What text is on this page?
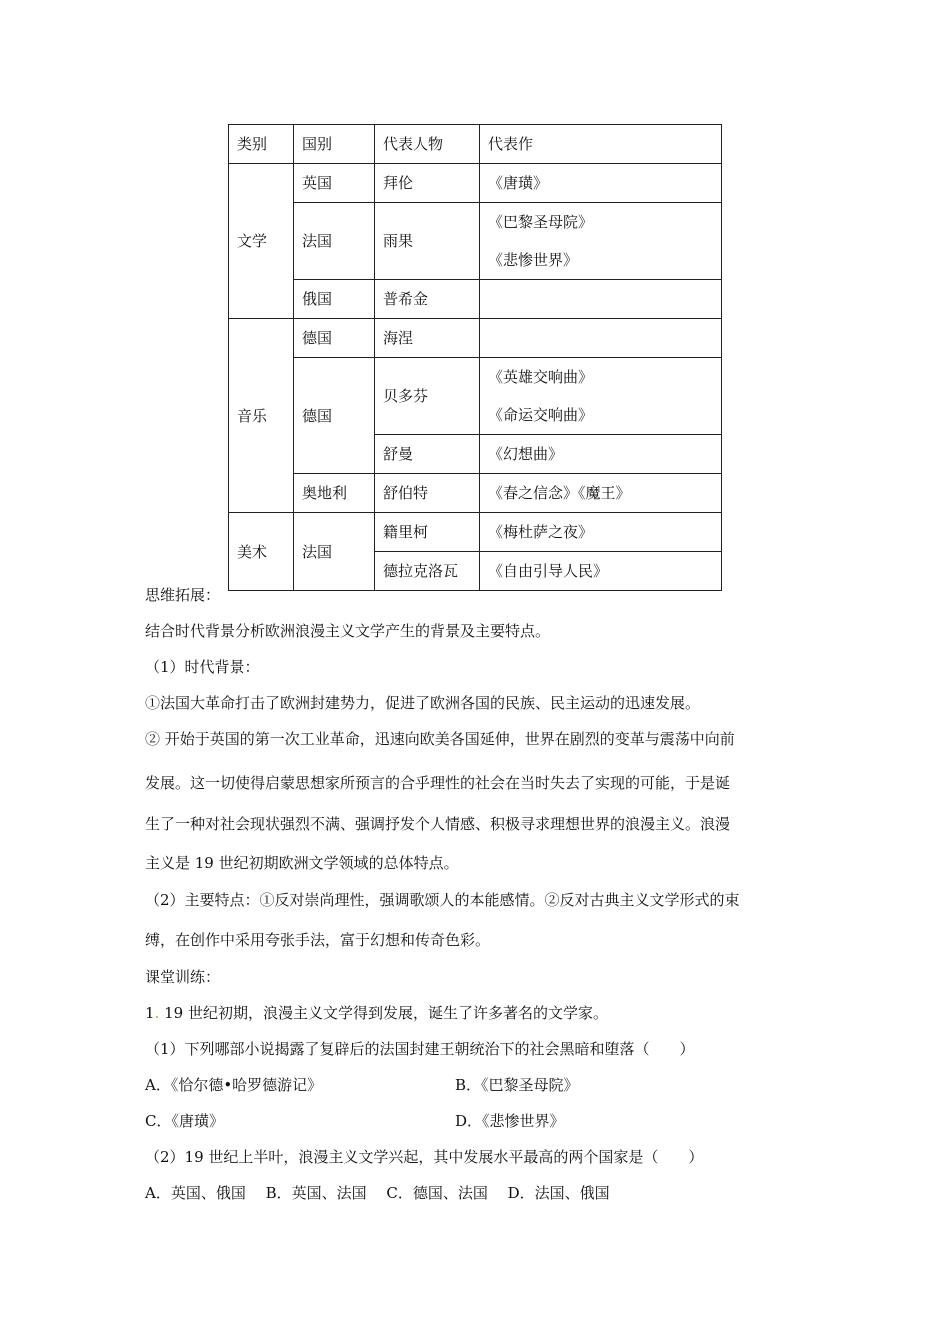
类别	国别	代表人物	代表作
文学	英国	拜伦	《唐璜》
	法国	雨果	《巴黎圣母院》
《悲惨世界》

	俄国	普希金	
音乐	德国	海涅	
	德国	贝多芬	《英雄交响曲》
《命运交响曲》

		舒曼	《幻想曲》
	奥地利	舒伯特	《春之信念》《魔王》
美术	法国	籍里柯	《梅杜萨之夜》
		德拉克洛瓦	《自由引导人民》
思维拓展：
结合时代背景分析欧洲浪漫主义文学产生的背景及主要特点。
（1）时代背景：
①法国大革命打击了欧洲封建势力，促进了欧洲各国的民族、民主运动的迅速发展。
② 开始于英国的第一次工业革命，迅速向欧美各国延伸，世界在剧烈的变革与震荡中向前
发展。这一切使得启蒙思想家所预言的合乎理性的社会在当时失去了实现的可能，于是诞
生了一种对社会现状强烈不满、强调抒发个人情感、积极寻求理想世界的浪漫主义。浪漫
主义是 19 世纪初期欧洲文学领域的总体特点。
（2）主要特点：①反对崇尚理性，强调歌颂人的本能感情。②反对古典主义文学形式的束
缚，在创作中采用夸张手法，富于幻想和传奇色彩。
课堂训练：
1. 19 世纪初期，浪漫主义文学得到发展，诞生了许多著名的文学家。
（1）下列哪部小说揭露了复辟后的法国封建王朝统治下的社会黑暗和堕落（　　）
A．《恰尔德•哈罗德游记》	B．《巴黎圣母院》
C．《唐璜》	D．《悲惨世界》
（2）19 世纪上半叶，浪漫主义文学兴起，其中发展水平最高的两个国家是（　　）
A．英国、俄国　 B．英国、法国　 C．德国、法国　 D．法国、俄国
